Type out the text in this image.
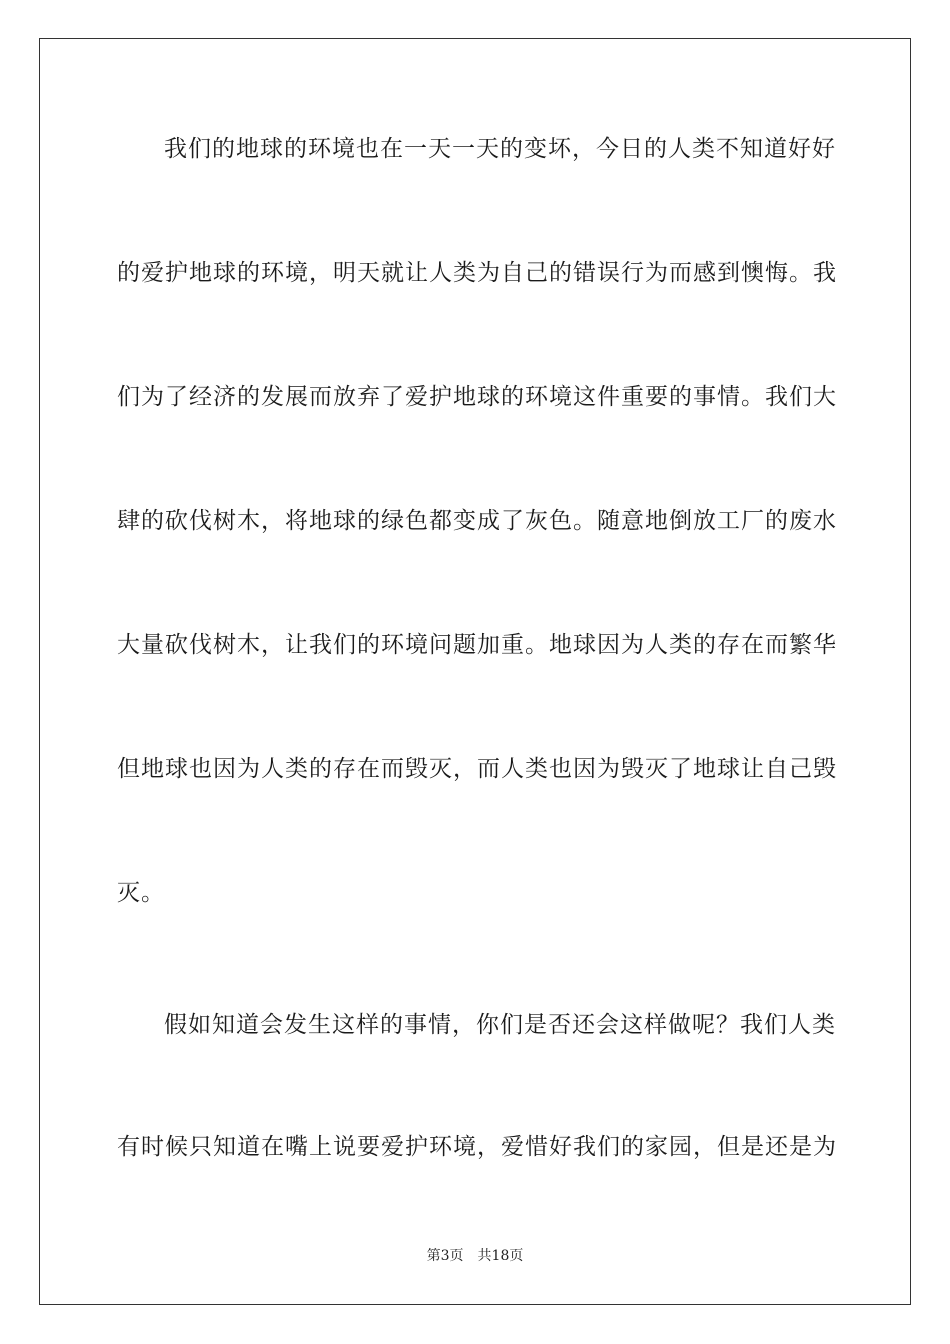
我们的地球的环境也在一天一天的变坏，今日的人类不知道好好
的爱护地球的环境，明天就让人类为自己的错误行为而感到懊悔。我
们为了经济的发展而放弃了爱护地球的环境这件重要的事情。我们大
肆的砍伐树木，将地球的绿色都变成了灰色。随意地倒放工厂的废水
大量砍伐树木，让我们的环境问题加重。地球因为人类的存在而繁华
但地球也因为人类的存在而毁灭，而人类也因为毁灭了地球让自己毁
灭。
假如知道会发生这样的事情，你们是否还会这样做呢？我们人类
有时候只知道在嘴上说要爱护环境，爱惜好我们的家园，但是还是为
第3页 共18页
